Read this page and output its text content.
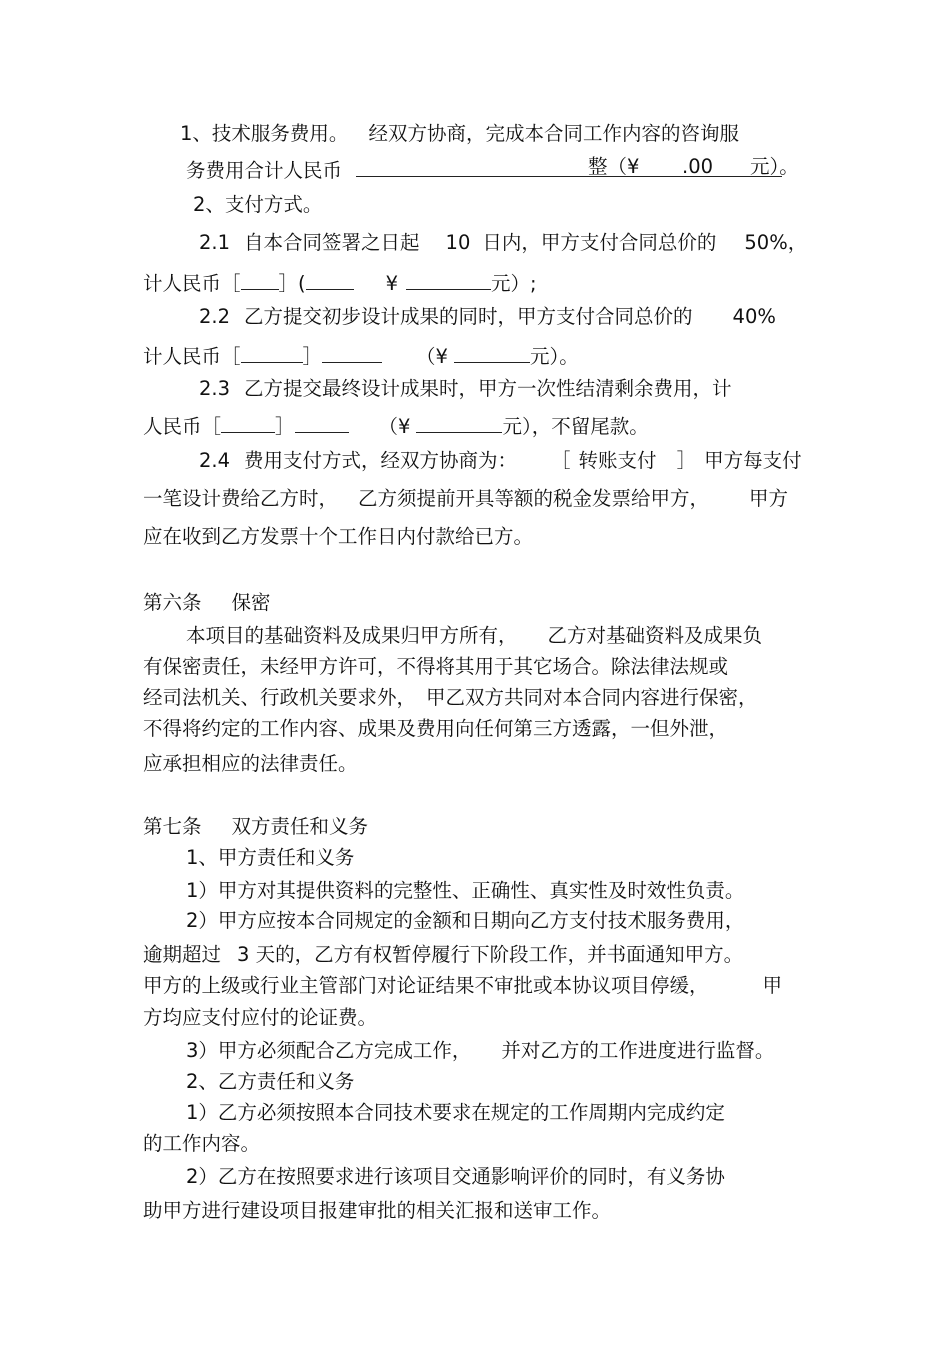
1、技术服务费用。 经双方协商，完成本合同工作内容的咨询服
务费用合计人民币	整（¥ .00 元）。
2、支付方式。
2.1 自本合同签署之日起 10 日内，甲方支付合同总价的 50%，
计人民币［ ］(	¥	元）;
2.2 乙方提交初步设计成果的同时，甲方支付合同总价的 40%
计人民币［	］	（¥	元）。
2.3 乙方提交最终设计成果时，甲方一次性结清剩余费用，计
人民币［	］	（¥	元），不留尾款。
2.4 费用支付方式，经双方协商为： ［ 转账支付 ］ 甲方每支付
一笔设计费给乙方时， 乙方须提前开具等额的税金发票给甲方， 甲方
应在收到乙方发票十个工作日内付款给已方。
第六条 保密
本项目的基础资料及成果归甲方所有， 乙方对基础资料及成果负
有保密责任，未经甲方许可，不得将其用于其它场合。除法律法规或
经司法机关、行政机关要求外， 甲乙双方共同对本合同内容进行保密，
不得将约定的工作内容、成果及费用向任何第三方透露，一但外泄，
应承担相应的法律责任。
第七条 双方责任和义务
1、甲方责任和义务
1）甲方对其提供资料的完整性、正确性、真实性及时效性负责。
2）甲方应按本合同规定的金额和日期向乙方支付技术服务费用，
逾期超过 3 天的，乙方有权暂停履行下阶段工作，并书面通知甲方。
甲方的上级或行业主管部门对论证结果不审批或本协议项目停缓，	甲
方均应支付应付的论证费。
3）甲方必须配合乙方完成工作， 并对乙方的工作进度进行监督。
2、乙方责任和义务
1）乙方必须按照本合同技术要求在规定的工作周期内完成约定
的工作内容。
2）乙方在按照要求进行该项目交通影响评价的同时，有义务协
助甲方进行建设项目报建审批的相关汇报和送审工作。
